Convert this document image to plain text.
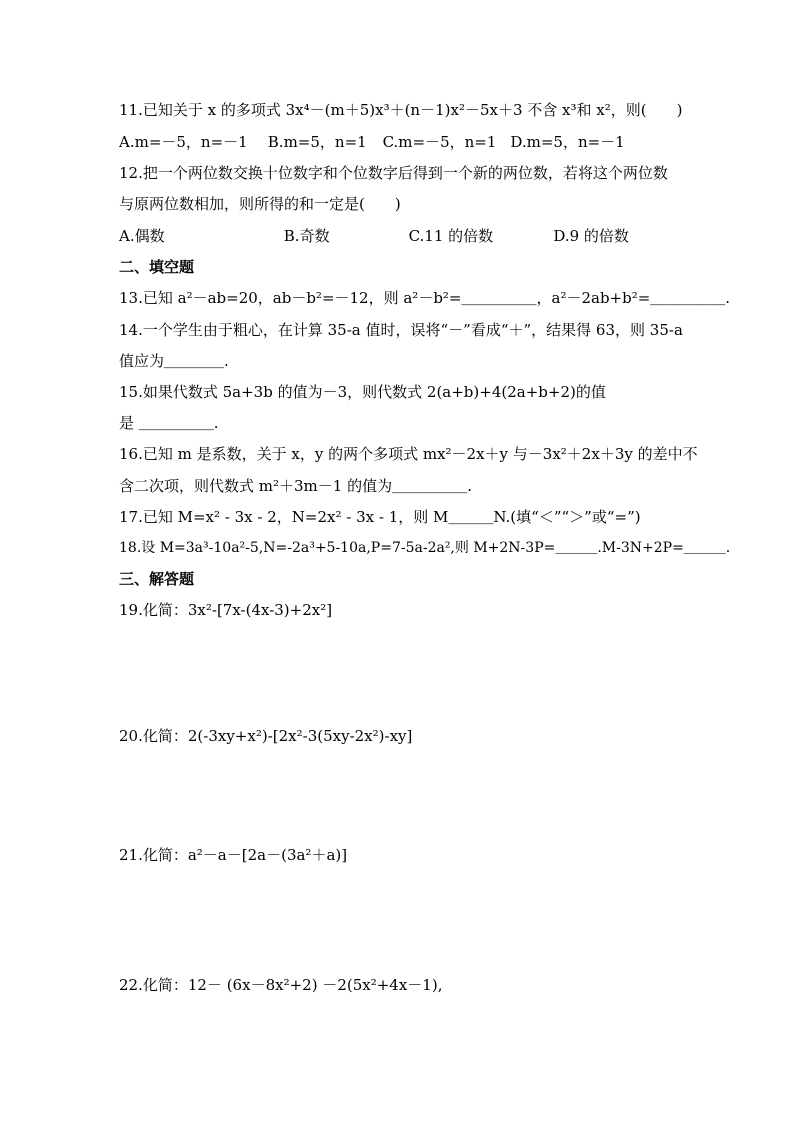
11.已知关于 x 的多项式 3x⁴－(m＋5)x³＋(n－1)x²－5x＋3 不含 x³和 x²，则(　　)
A.m=－5，n=－1 B.m=5，n=1 C.m=－5，n=1 D.m=5，n=－1
12.把一个两位数交换十位数字和个位数字后得到一个新的两位数，若将这个两位数
与原两位数相加，则所得的和一定是(　　)
A.偶数	B.奇数	C.11 的倍数	D.9 的倍数
二、填空题
13.已知 a²－ab=20，ab－b²=－12，则 a²－b²=＿＿＿＿＿，a²－2ab+b²=＿＿＿＿＿.
14.一个学生由于粗心，在计算 35-a 值时，误将“－”看成“＋”，结果得 63，则 35-a
值应为＿＿＿＿.
15.如果代数式 5a+3b 的值为－3，则代数式 2(a+b)+4(2a+b+2)的值
是 ＿＿＿＿＿.
16.已知 m 是系数，关于 x，y 的两个多项式 mx²－2x＋y 与－3x²＋2x＋3y 的差中不
含二次项，则代数式 m²＋3m－1 的值为＿＿＿＿＿.
17.已知 M=x² - 3x - 2，N=2x² - 3x - 1，则 M＿＿＿N.(填“＜”“＞”或“=”)
18.设 M=3a³-10a²-5,N=-2a³+5-10a,P=7-5a-2a²,则 M+2N-3P=＿＿＿.M-3N+2P=＿＿＿.
三、解答题
19.化简：3x²-[7x-(4x-3)+2x²]
20.化简：2(-3xy+x²)-[2x²-3(5xy-2x²)-xy]
21.化简：a²－a－[2a－(3a²＋a)]
22.化简：12－ (6x－8x²+2) －2(5x²+4x－1),
